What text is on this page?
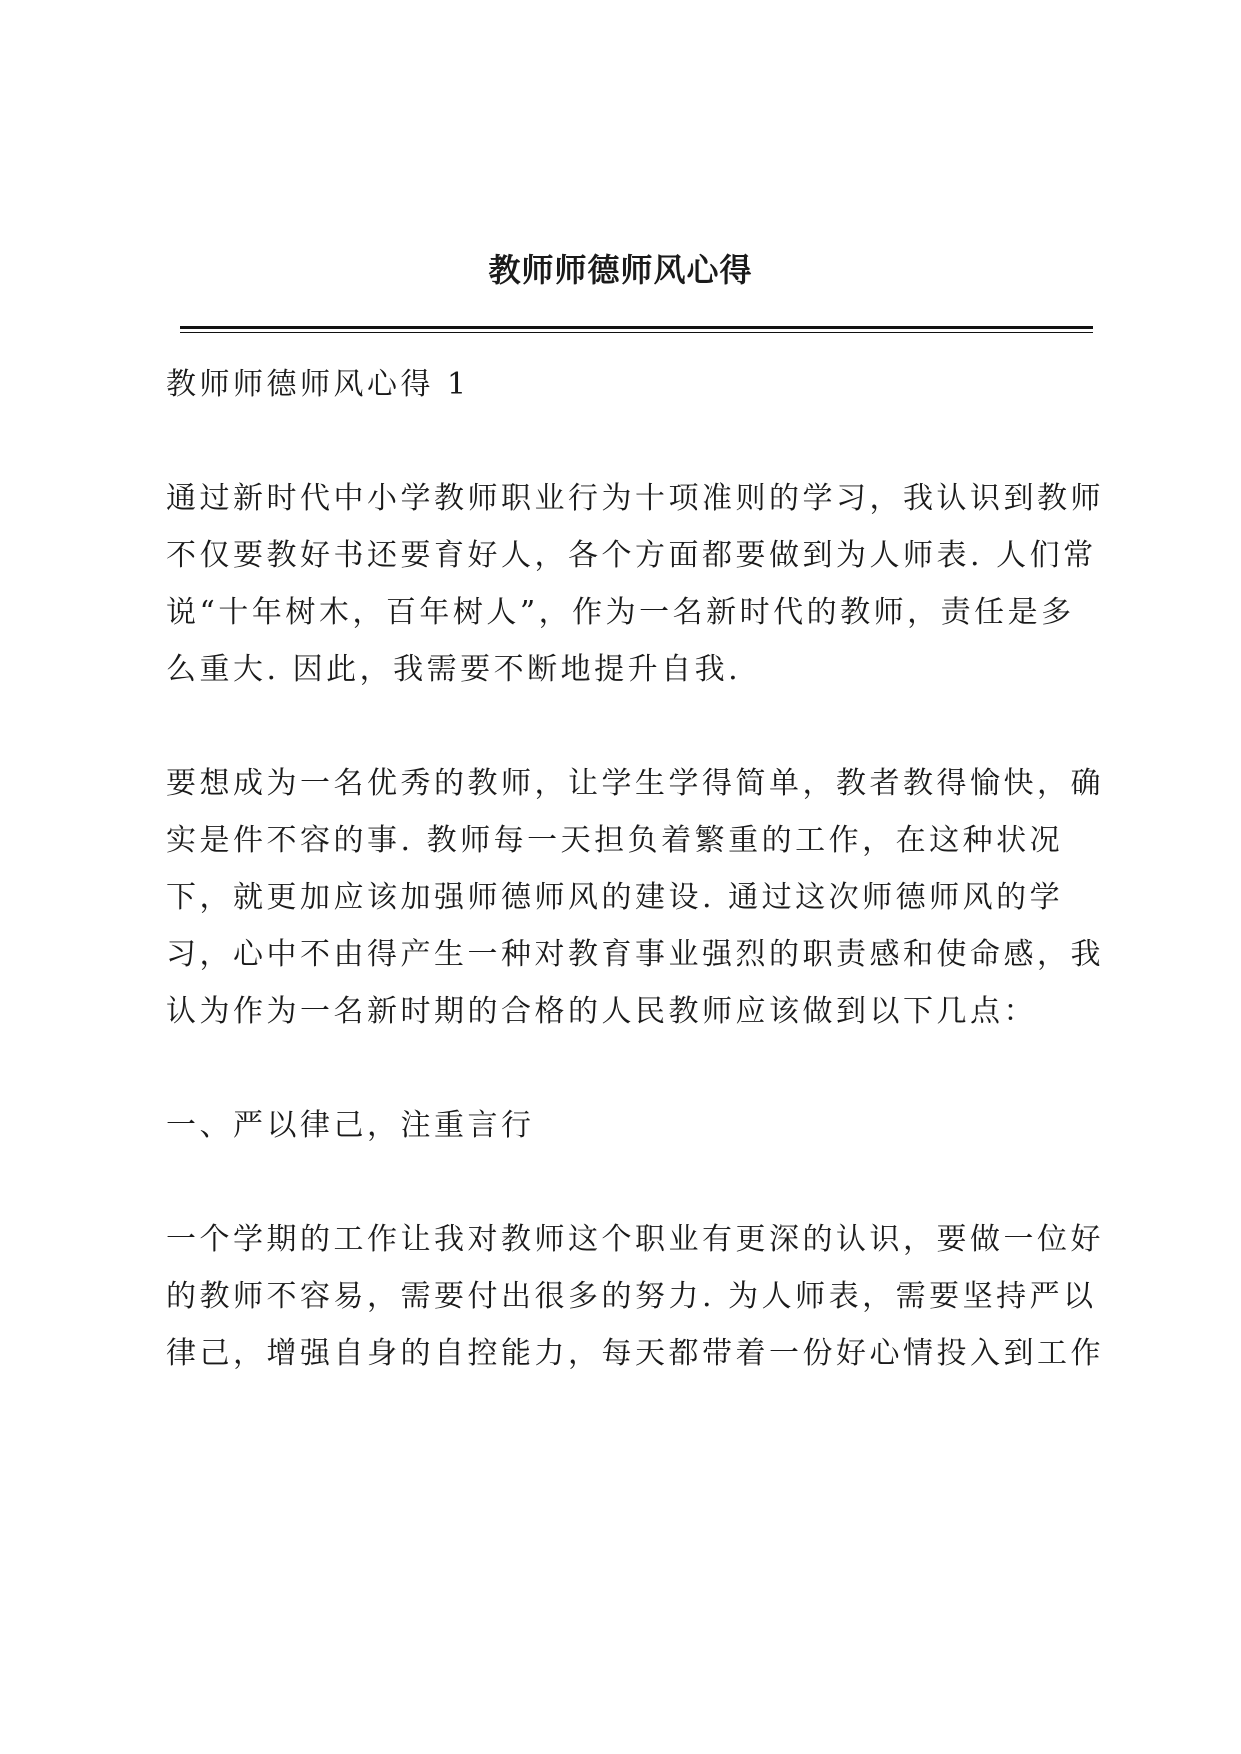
教师师德师风心得
教师师德师风心得 1
通过新时代中小学教师职业行为十项准则的学习，我认识到教师
不仅要教好书还要育好人，各个方面都要做到为人师表. 人们常
说“十年树木，百年树人”，作为一名新时代的教师，责任是多
么重大. 因此，我需要不断地提升自我.
要想成为一名优秀的教师，让学生学得简单，教者教得愉快，确
实是件不容的事. 教师每一天担负着繁重的工作，在这种状况
下，就更加应该加强师德师风的建设. 通过这次师德师风的学
习，心中不由得产生一种对教育事业强烈的职责感和使命感，我
认为作为一名新时期的合格的人民教师应该做到以下几点：
一、严以律己，注重言行
一个学期的工作让我对教师这个职业有更深的认识，要做一位好
的教师不容易，需要付出很多的努力. 为人师表，需要坚持严以
律己，增强自身的自控能力，每天都带着一份好心情投入到工作
